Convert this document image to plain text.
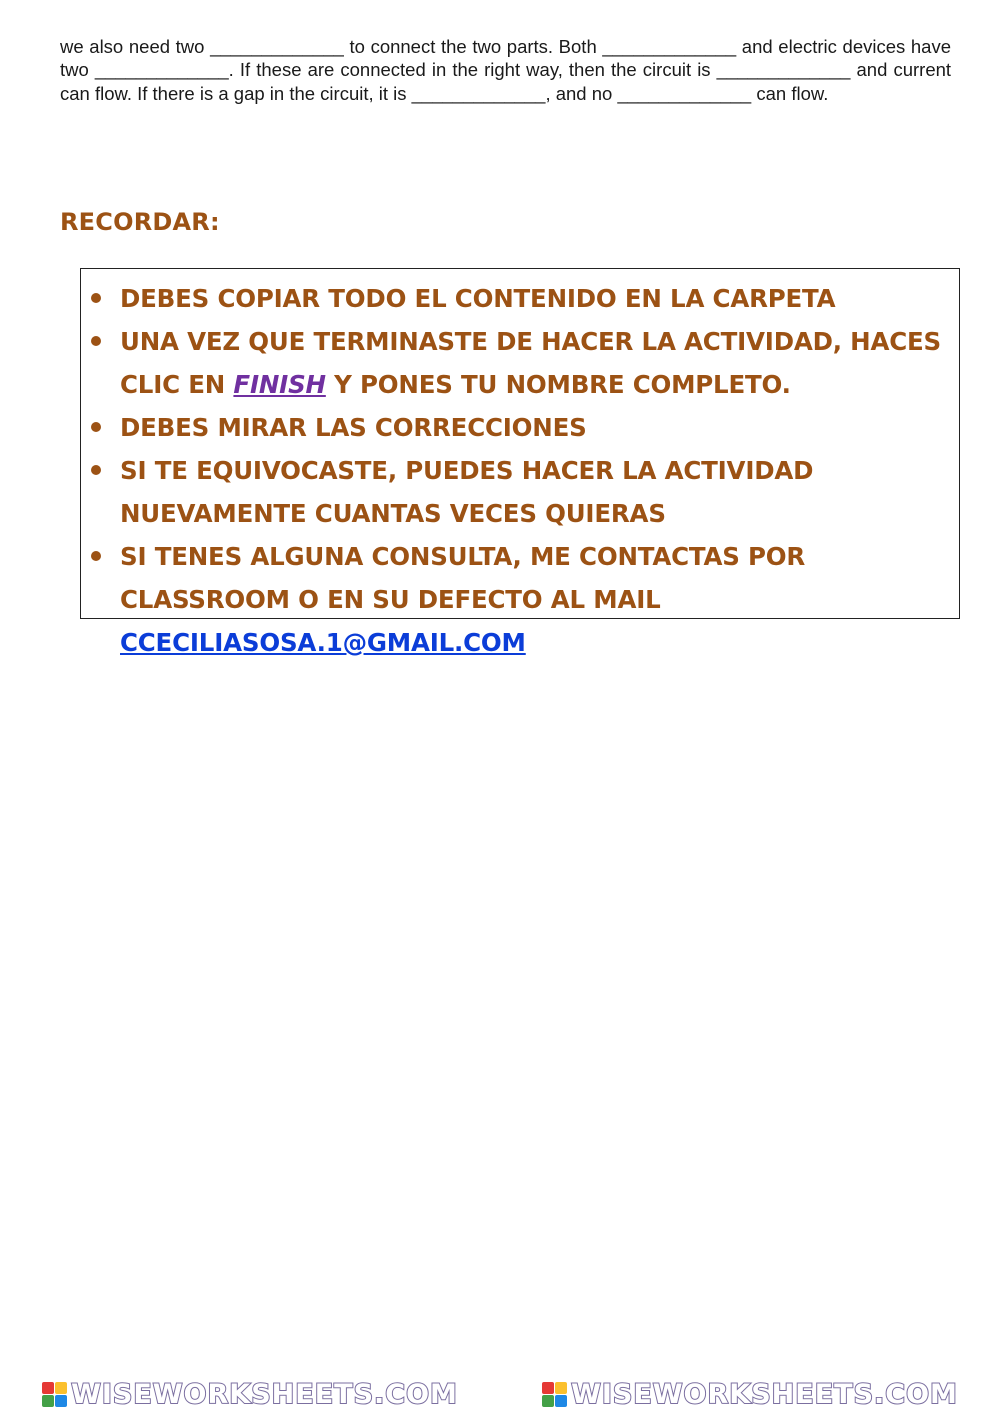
we also need two _____________ to connect the two parts. Both _____________ and electric devices have two _____________. If these are connected in the right way, then the circuit is _____________ and current can flow. If there is a gap in the circuit, it is _____________, and no _____________ can flow.
RECORDAR:
DEBES COPIAR TODO EL CONTENIDO EN LA CARPETA
UNA VEZ QUE TERMINASTE DE HACER LA ACTIVIDAD, HACES CLIC EN FINISH Y PONES TU NOMBRE COMPLETO.
DEBES MIRAR LAS CORRECCIONES
SI TE EQUIVOCASTE, PUEDES HACER LA ACTIVIDAD NUEVAMENTE CUANTAS VECES QUIERAS
SI TENES ALGUNA CONSULTA, ME CONTACTAS POR CLASSROOM O EN SU DEFECTO AL MAIL CCECILIASOSA.1@GMAIL.COM
WISEWORKSHEETS.COM	WISEWORKSHEETS.COM
